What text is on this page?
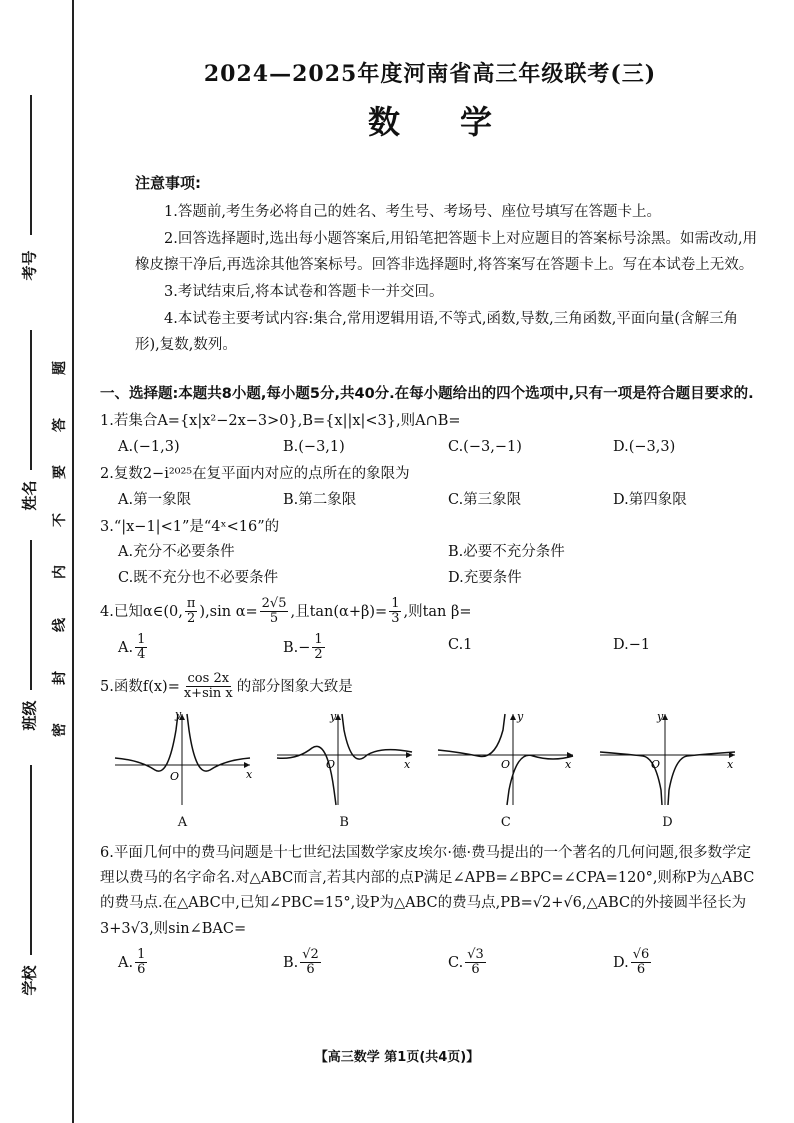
考号
姓名
班级
学校
题
答
要
不
内
线
封
密
2024—2025年度河南省高三年级联考(三)
数学
注意事项:

1.答题前,考生务必将自己的姓名、考生号、考场号、座位号填写在答题卡上。

2.回答选择题时,选出每小题答案后,用铅笔把答题卡上对应题目的答案标号涂黑。如需改动,用橡皮擦干净后,再选涂其他答案标号。回答非选择题时,将答案写在答题卡上。写在本试卷上无效。

3.考试结束后,将本试卷和答题卡一并交回。

4.本试卷主要考试内容:集合,常用逻辑用语,不等式,函数,导数,三角函数,平面向量(含解三角形),复数,数列。

一、选择题:本题共8小题,每小题5分,共40分.在每小题给出的四个选项中,只有一项是符合题目要求的.
1.若集合A={x|x²−2x−3>0},B={x||x|<3},则A∩B=
A.(−1,3)	B.(−3,1)	C.(−3,−1)	D.(−3,3)
2.复数2−i²⁰²⁵在复平面内对应的点所在的象限为
A.第一象限	B.第二象限	C.第三象限	D.第四象限
3.“|x−1|<1”是“4ˣ<16”的
A.充分不必要条件	B.必要不充分条件
C.既不充分也不必要条件	D.充要条件
4.已知α∈(0, $\frac{\pi}{2} ),\sin$ $\alpha= \frac{2√5}{5}$ ,且$\tan(\alpha+\beta)= \frac{1}{3}$ ,则tan β=
A. $\frac{1}{4}$	$B.- \frac{1}{2}$	C.1	D.−1
5.函数$f(x)= \frac{\cos 2x}{\text{x+sin x}}$ 的部分图象大致是
y
x
O
A
y
x
O
B
y
x
O
C
y
x
O
D
6.平面几何中的费马问题是十七世纪法国数学家皮埃尔·德·费马提出的一个著名的几何问题,很多数学定理以费马的名字命名.对△ABC而言,若其内部的点P满足∠APB=∠BPC=∠CPA=120°,则称P为△ABC的费马点.在△ABC中,已知∠PBC=15°,设P为△ABC的费马点,PB=√2+√6,△ABC的外接圆半径长为3+3√3,则sin∠BAC=
A. $\frac{1}{6}$	B. $\frac{√2}{6}$	C. $\frac{√3}{6}$	D. $\frac{√6}{6}$
【高三数学 第1页(共4页)】
